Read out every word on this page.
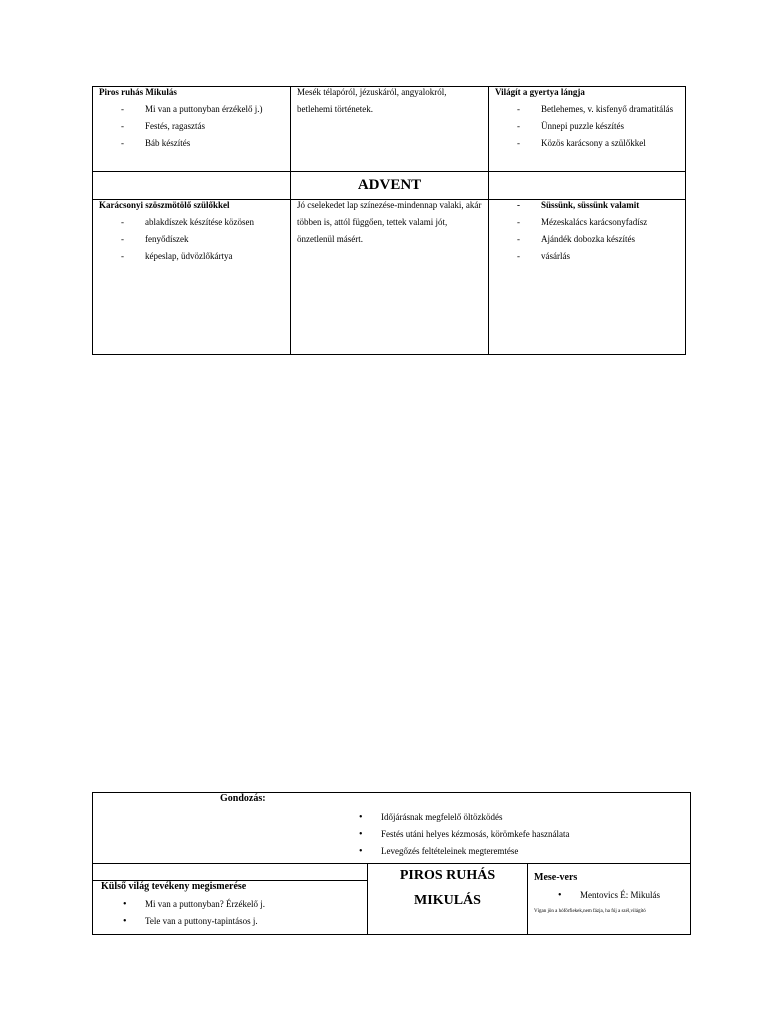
Piros ruhás Mikulás
- Mi van a puttonyban érzékelő j.)
- Festés, ragasztás
- Báb készítés
Mesék télapóról, jézuskáról, angyalokról,
betlehemi történetek.
Világít a gyertya lángja
- Betlehemes, v. kisfenyő dramatitálás
- Ünnepi puzzle készítés
- Közös karácsony a szülőkkel
ADVENT
Karácsonyi szöszmötölő szülőkkel
- ablakdíszek készítése közösen
- fenyődíszek
- képeslap, üdvözlőkártya
Jó cselekedet lap színezése-mindennap valaki, akár
többen is, attól függően, tettek valami jót,
önzetlenül másért.
- Süssünk, süssünk valamit
- Mézeskalács karácsonyfadísz
- Ajándék dobozka készítés
- vásárlás
Gondozás:
• Időjárásnak megfelelő öltözködés
• Festés utáni helyes kézmosás, körömkefe használata
• Levegőzés feltételeinek megteremtése
Külső világ tevékeny megismerése
• Mi van a puttonyban? Érzékelő j.
• Tele van a puttony-tapintásos j.
PIROS RUHÁS
MIKULÁS
Mese-vers
• Mentovics É: Mikulás
Vígan jön a hóförfiekek,nem fázja, ha fúj a szél,világító
